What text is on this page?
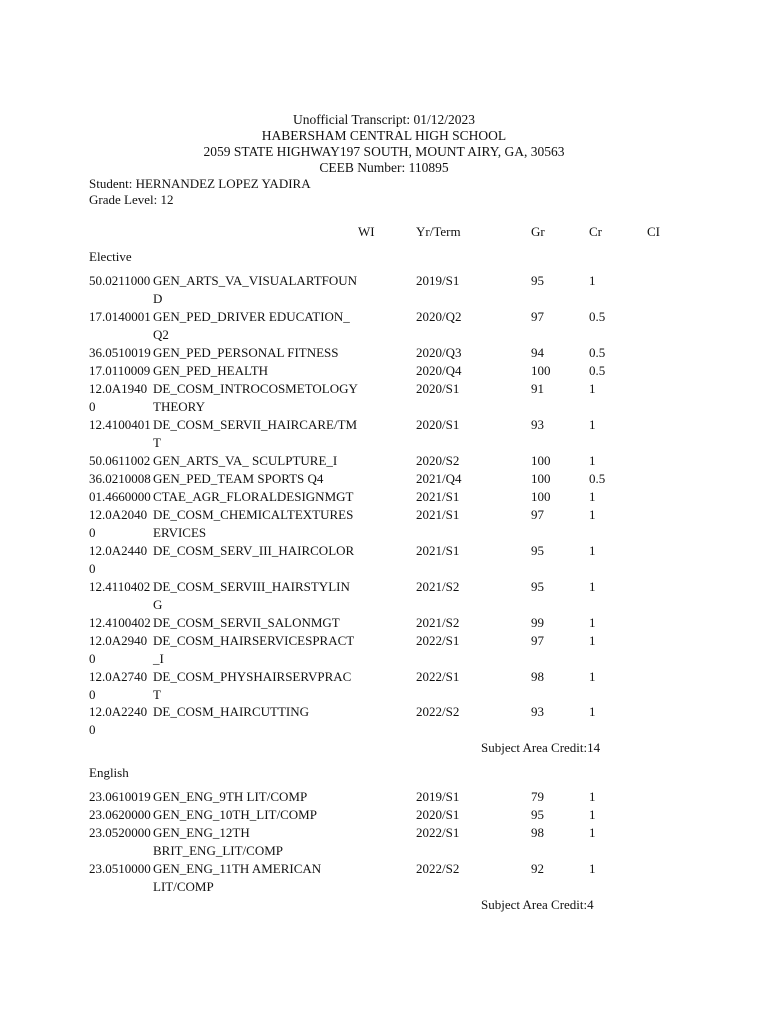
Unofficial Transcript: 01/12/2023
HABERSHAM CENTRAL HIGH SCHOOL
2059 STATE HIGHWAY197 SOUTH, MOUNT AIRY, GA, 30563
CEEB Number: 110895
Student: HERNANDEZ LOPEZ YADIRA
Grade Level: 12
WI	Yr/Term	Gr	Cr	CI
Elective
50.0211000 GEN_ARTS_VA_VISUALARTFOUND
2019/S1	95	1
17.0140001 GEN_PED_DRIVER EDUCATION_Q2
2020/Q2	97	0.5
36.0510019 GEN_PED_PERSONAL FITNESS	2020/Q3	94	0.5
17.0110009 GEN_PED_HEALTH	2020/Q4	100	0.5
12.0A19400
DE_COSM_INTROCOSMETOLOGYTHEORY
2020/S1	91	1
12.4100401 DE_COSM_SERVII_HAIRCARE/TMT
2020/S1	93	1
50.0611002 GEN_ARTS_VA_ SCULPTURE_I	2020/S2	100	1
36.0210008 GEN_PED_TEAM SPORTS Q4	2021/Q4	100	0.5
01.4660000 CTAE_AGR_FLORALDESIGNMGT	2021/S1	100	1
12.0A20400
DE_COSM_CHEMICALTEXTURESERVICES
2021/S1	97	1
12.0A24400
DE_COSM_SERV_III_HAIRCOLOR	2021/S1	95	1
12.4110402 DE_COSM_SERVIII_HAIRSTYLING
2021/S2	95	1
12.4100402 DE_COSM_SERVII_SALONMGT	2021/S2	99	1
12.0A29400
DE_COSM_HAIRSERVICESPRACT_I
2022/S1	97	1
12.0A27400
DE_COSM_PHYSHAIRSERVPRACT
2022/S1	98	1
12.0A22400
DE_COSM_HAIRCUTTING	2022/S2	93	1
Subject Area Credit:14
English
23.0610019 GEN_ENG_9TH LIT/COMP	2019/S1	79	1
23.0620000 GEN_ENG_10TH_LIT/COMP	2020/S1	95	1
23.0520000 GEN_ENG_12TH BRIT_ENG_LIT/COMP
2022/S1	98	1
23.0510000 GEN_ENG_11TH AMERICAN LIT/COMP
2022/S2	92	1
Subject Area Credit:4
